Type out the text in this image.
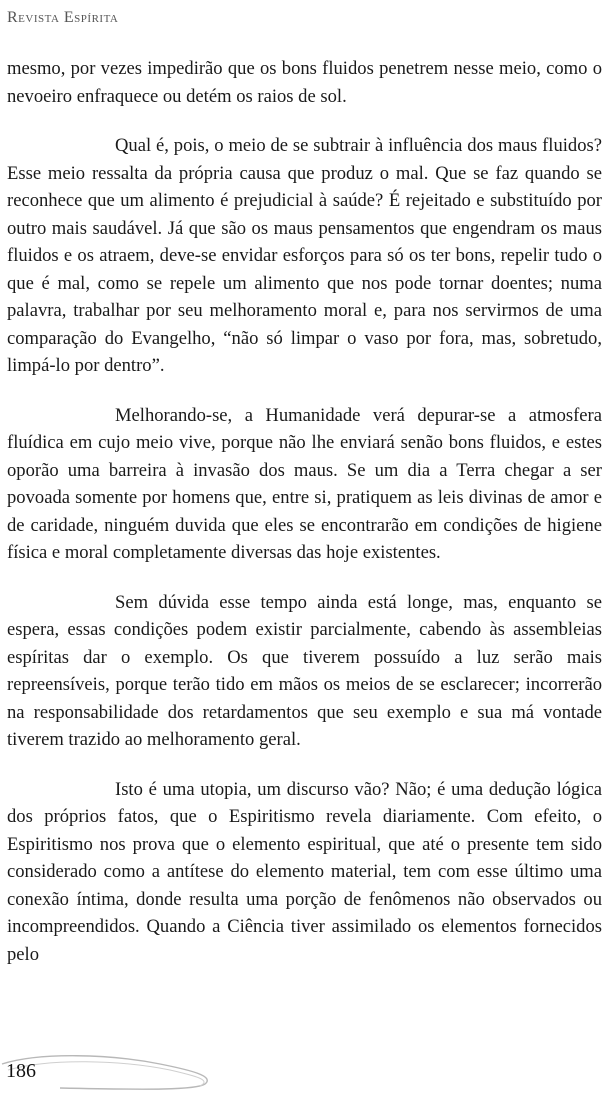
Revista Espírita

mesmo, por vezes impedirão que os bons fluidos penetrem nesse meio, como o nevoeiro enfraquece ou detém os raios de sol.

Qual é, pois, o meio de se subtrair à influência dos maus fluidos? Esse meio ressalta da própria causa que produz o mal. Que se faz quando se reconhece que um alimento é prejudicial à saúde? É rejeitado e substituído por outro mais saudável. Já que são os maus pensamentos que engendram os maus fluidos e os atraem, deve-se envidar esforços para só os ter bons, repelir tudo o que é mal, como se repele um alimento que nos pode tornar doentes; numa palavra, trabalhar por seu melhoramento moral e, para nos servirmos de uma comparação do Evangelho, “não só limpar o vaso por fora, mas, sobretudo, limpá-lo por dentro”.

Melhorando-se, a Humanidade verá depurar-se a atmosfera fluídica em cujo meio vive, porque não lhe enviará senão bons fluidos, e estes oporão uma barreira à invasão dos maus. Se um dia a Terra chegar a ser povoada somente por homens que, entre si, pratiquem as leis divinas de amor e de caridade, ninguém duvida que eles se encontrarão em condições de higiene física e moral completamente diversas das hoje existentes.

Sem dúvida esse tempo ainda está longe, mas, enquanto se espera, essas condições podem existir parcialmente, cabendo às assembleias espíritas dar o exemplo. Os que tiverem possuído a luz serão mais repreensíveis, porque terão tido em mãos os meios de se esclarecer; incorrerão na responsabilidade dos retardamentos que seu exemplo e sua má vontade tiverem trazido ao melhoramento geral.

Isto é uma utopia, um discurso vão? Não; é uma dedução lógica dos próprios fatos, que o Espiritismo revela diariamente. Com efeito, o Espiritismo nos prova que o elemento espiritual, que até o presente tem sido considerado como a antítese do elemento material, tem com esse último uma conexão íntima, donde resulta uma porção de fenômenos não observados ou incompreendidos. Quando a Ciência tiver assimilado os elementos fornecidos pelo

186
